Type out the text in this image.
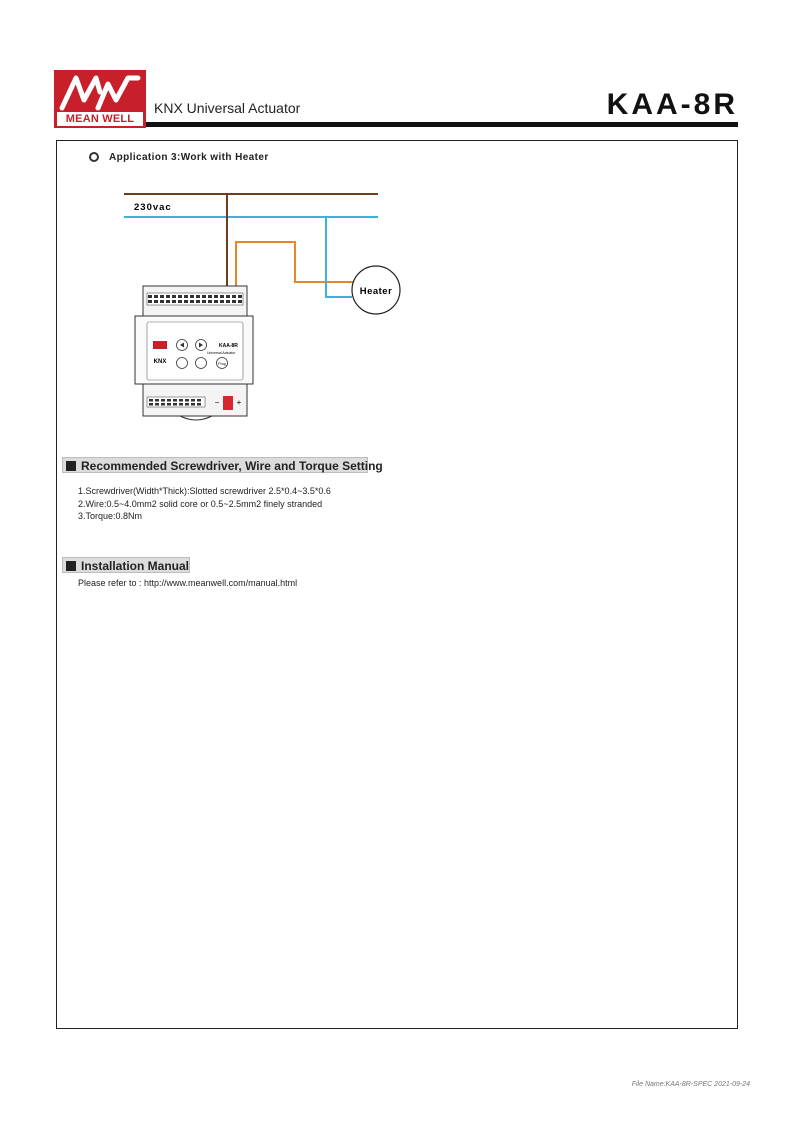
MEAN WELL
KNX Universal Actuator	KAA-8R
Application 3:Work with Heater
230vac
Heater
KNX	Prog
KAA-8R
Universal Actuator
− +
Recommended Screwdriver, Wire and Torque Setting
1.Screwdriver(Width*Thick):Slotted screwdriver 2.5*0.4~3.5*0.6
2.Wire:0.5~4.0mm2 solid core or 0.5~2.5mm2 finely stranded
3.Torque:0.8Nm
Installation Manual
Please refer to : http://www.meanwell.com/manual.html
File Name:KAA-8R-SPEC 2021-09-24
